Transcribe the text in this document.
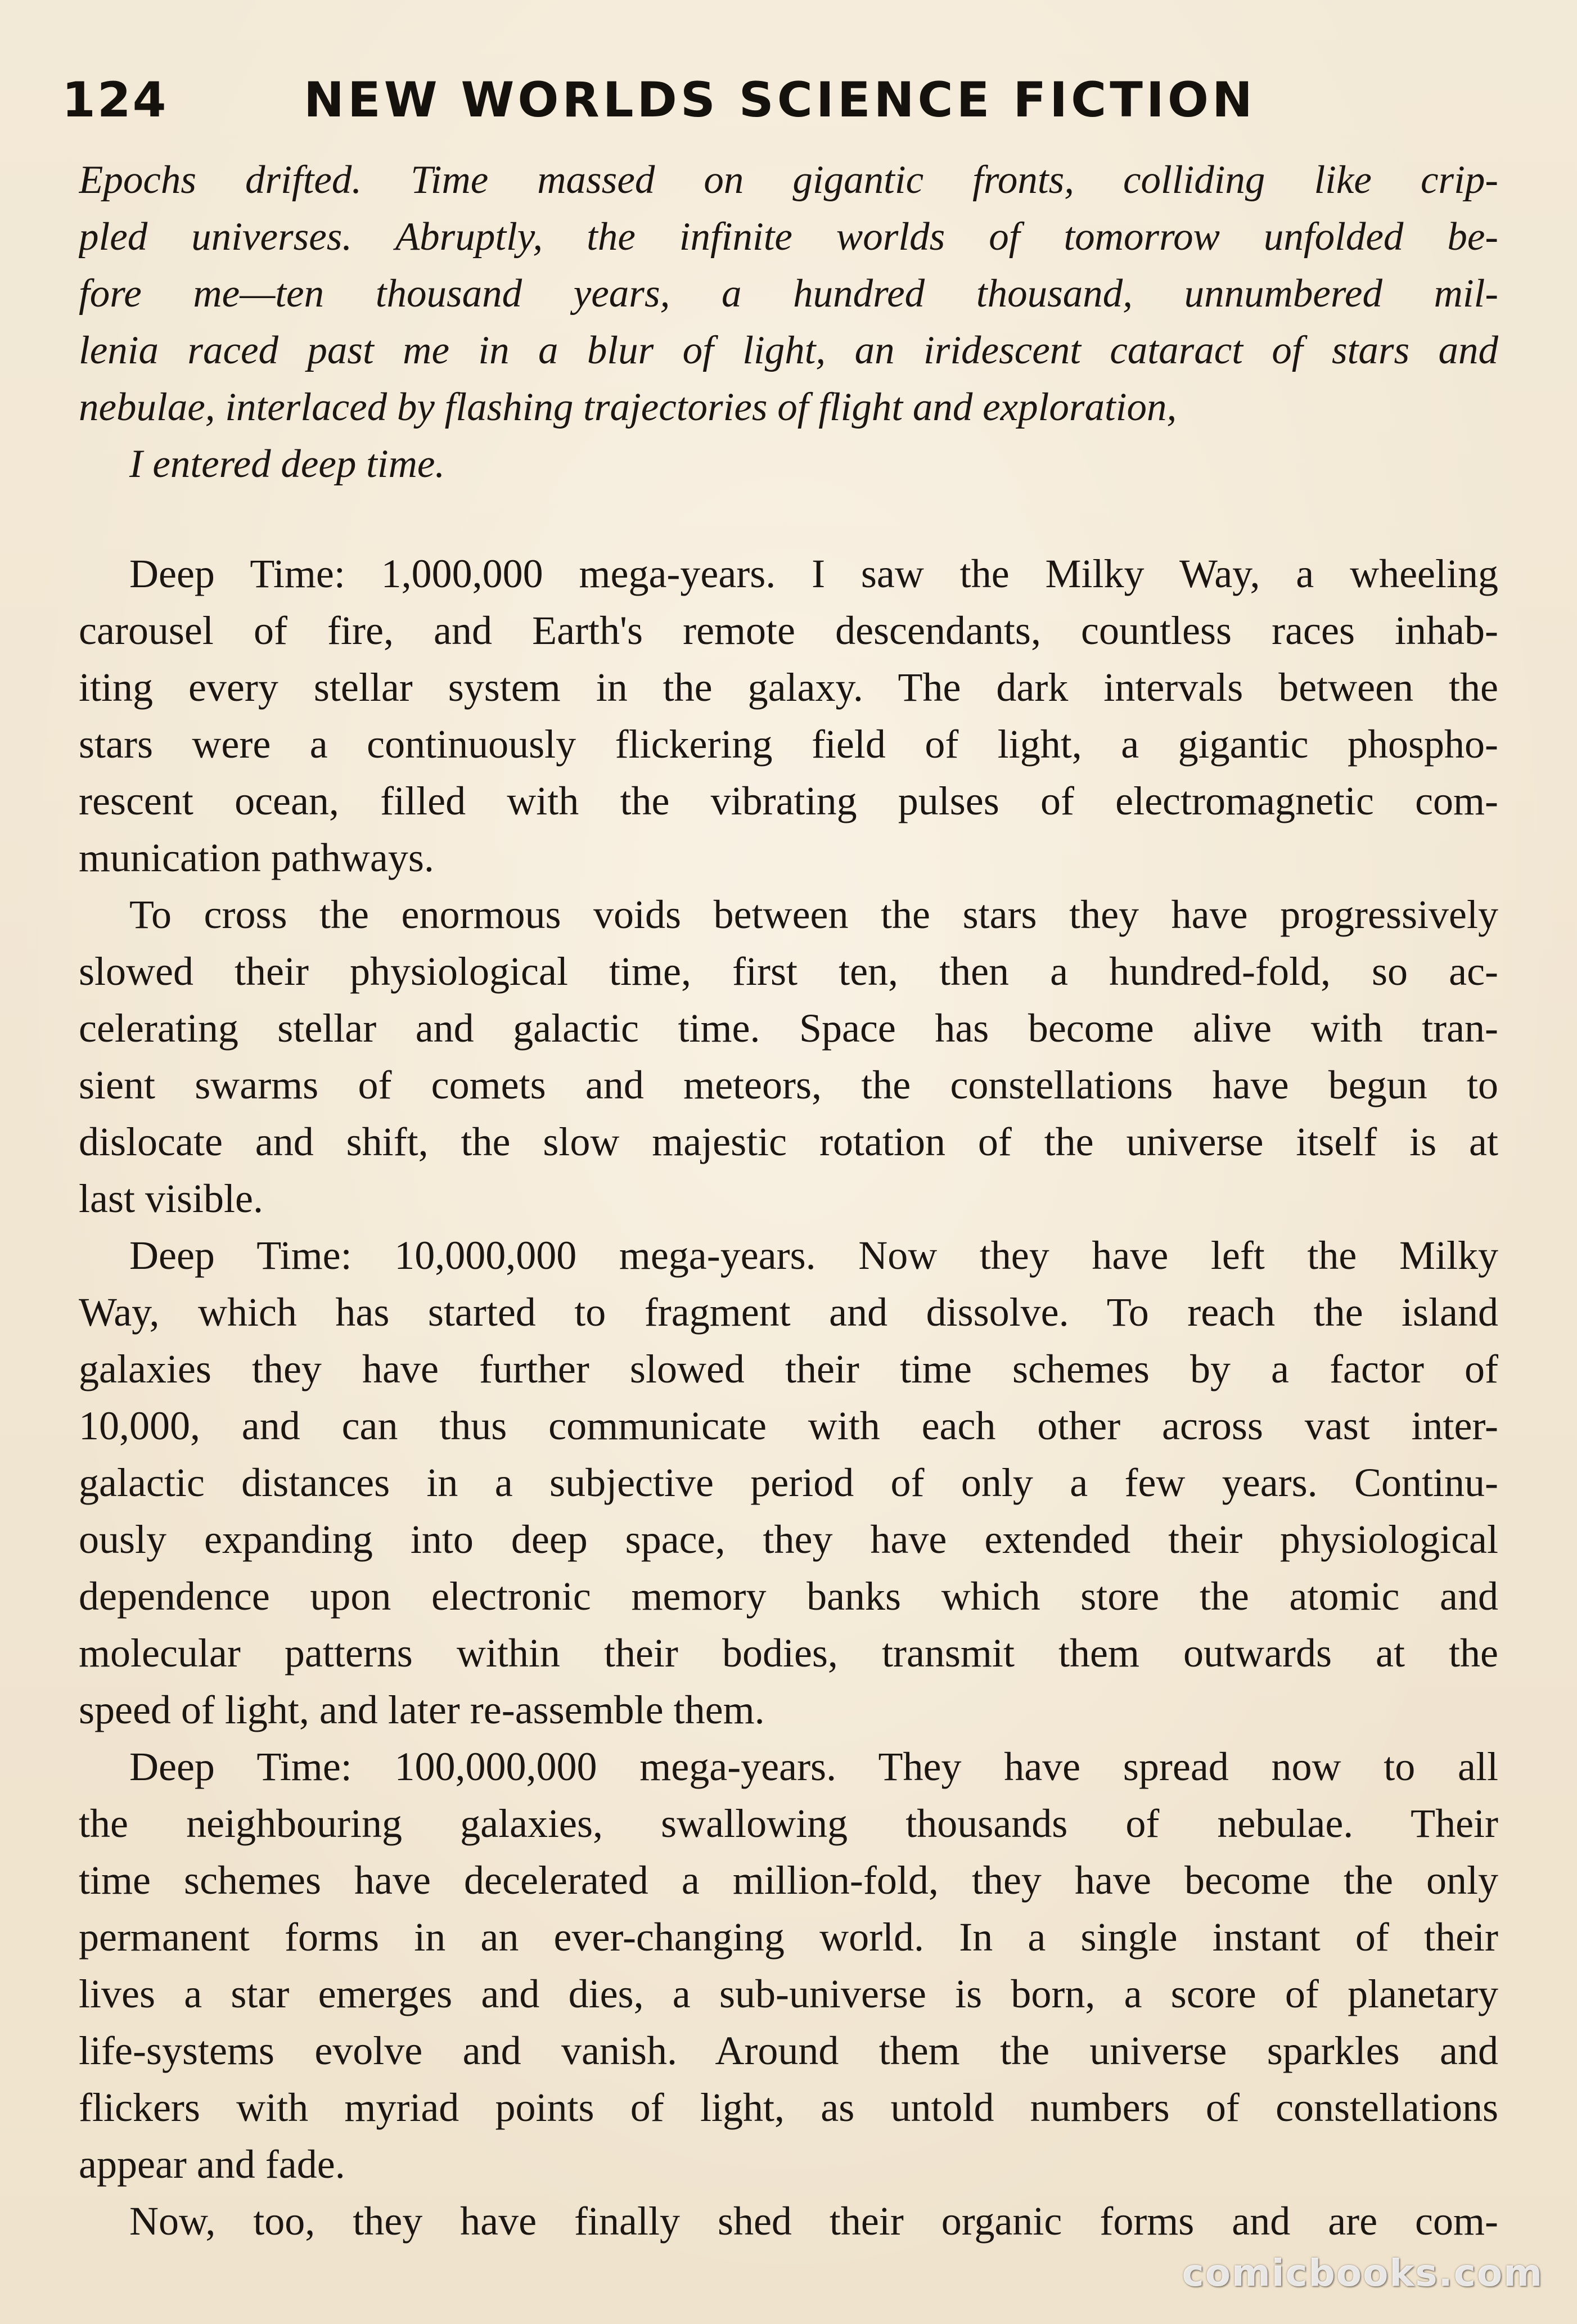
124	NEW WORLDS SCIENCE FICTION
Epochs drifted. Time massed on gigantic fronts, colliding like crip-
pled universes. Abruptly, the infinite worlds of tomorrow unfolded be-
fore me—ten thousand years, a hundred thousand, unnumbered mil-
lenia raced past me in a blur of light, an iridescent cataract of stars and
nebulae, interlaced by flashing trajectories of flight and exploration,
I entered deep time.
Deep Time: 1,000,000 mega-years. I saw the Milky Way, a wheeling
carousel of fire, and Earth's remote descendants, countless races inhab-
iting every stellar system in the galaxy. The dark intervals between the
stars were a continuously flickering field of light, a gigantic phospho-
rescent ocean, filled with the vibrating pulses of electromagnetic com-
munication pathways.
To cross the enormous voids between the stars they have progressively
slowed their physiological time, first ten, then a hundred-fold, so ac-
celerating stellar and galactic time. Space has become alive with tran-
sient swarms of comets and meteors, the constellations have begun to
dislocate and shift, the slow majestic rotation of the universe itself is at
last visible.
Deep Time: 10,000,000 mega-years. Now they have left the Milky
Way, which has started to fragment and dissolve. To reach the island
galaxies they have further slowed their time schemes by a factor of
10,000, and can thus communicate with each other across vast inter-
galactic distances in a subjective period of only a few years. Continu-
ously expanding into deep space, they have extended their physiological
dependence upon electronic memory banks which store the atomic and
molecular patterns within their bodies, transmit them outwards at the
speed of light, and later re-assemble them.
Deep Time: 100,000,000 mega-years. They have spread now to all
the neighbouring galaxies, swallowing thousands of nebulae. Their
time schemes have decelerated a million-fold, they have become the only
permanent forms in an ever-changing world. In a single instant of their
lives a star emerges and dies, a sub-universe is born, a score of planetary
life-systems evolve and vanish. Around them the universe sparkles and
flickers with myriad points of light, as untold numbers of constellations
appear and fade.
Now, too, they have finally shed their organic forms and are com-
comicbooks.com
